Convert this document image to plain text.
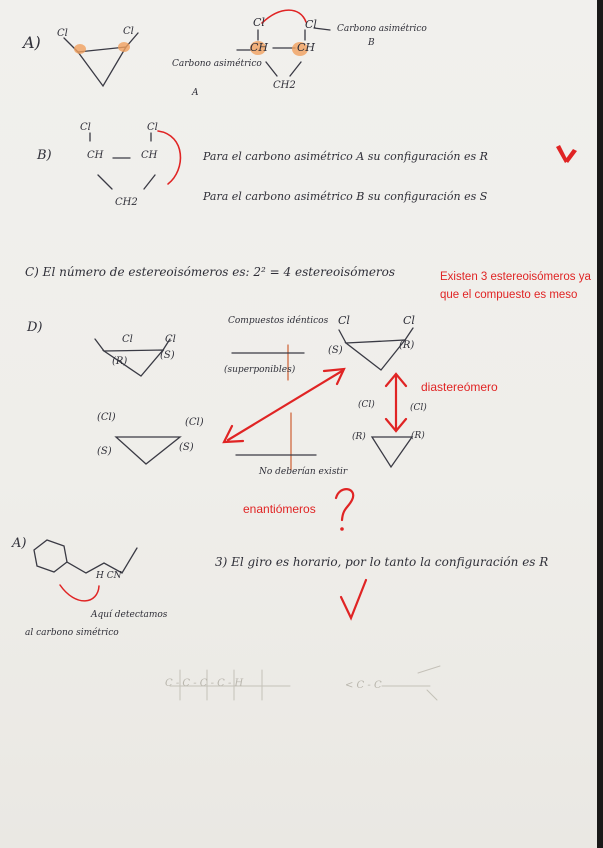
A) Cl	Cl
Cl	Cl Carbono asimétrico
B
CH	CH
CH2
Carbono asimétrico
A
B)
Cl	Cl
CH	CH
CH2
Para el carbono asimétrico A su configuración es R
Para el carbono asimétrico B su configuración es S
C) El número de estereoisómeros es: 2² = 4 estereoisómeros	Existen 3 estereoisómeros ya que el compuesto es meso
D)	Compuestos idénticos
(superponibles)
Cl	Cl
(R)
(S)
(Cl)	(Cl)
(S)	(S)
Cl	Cl
(S)	(R)
(Cl)	(Cl)
(R)	(R)
No deberían existir
diastereómero
enantiómeros
A)
H CN
Aquí detectamos
al carbono simétrico
3) El giro es horario, por lo tanto la configuración es R
C - C - C - C - H	< C - C
